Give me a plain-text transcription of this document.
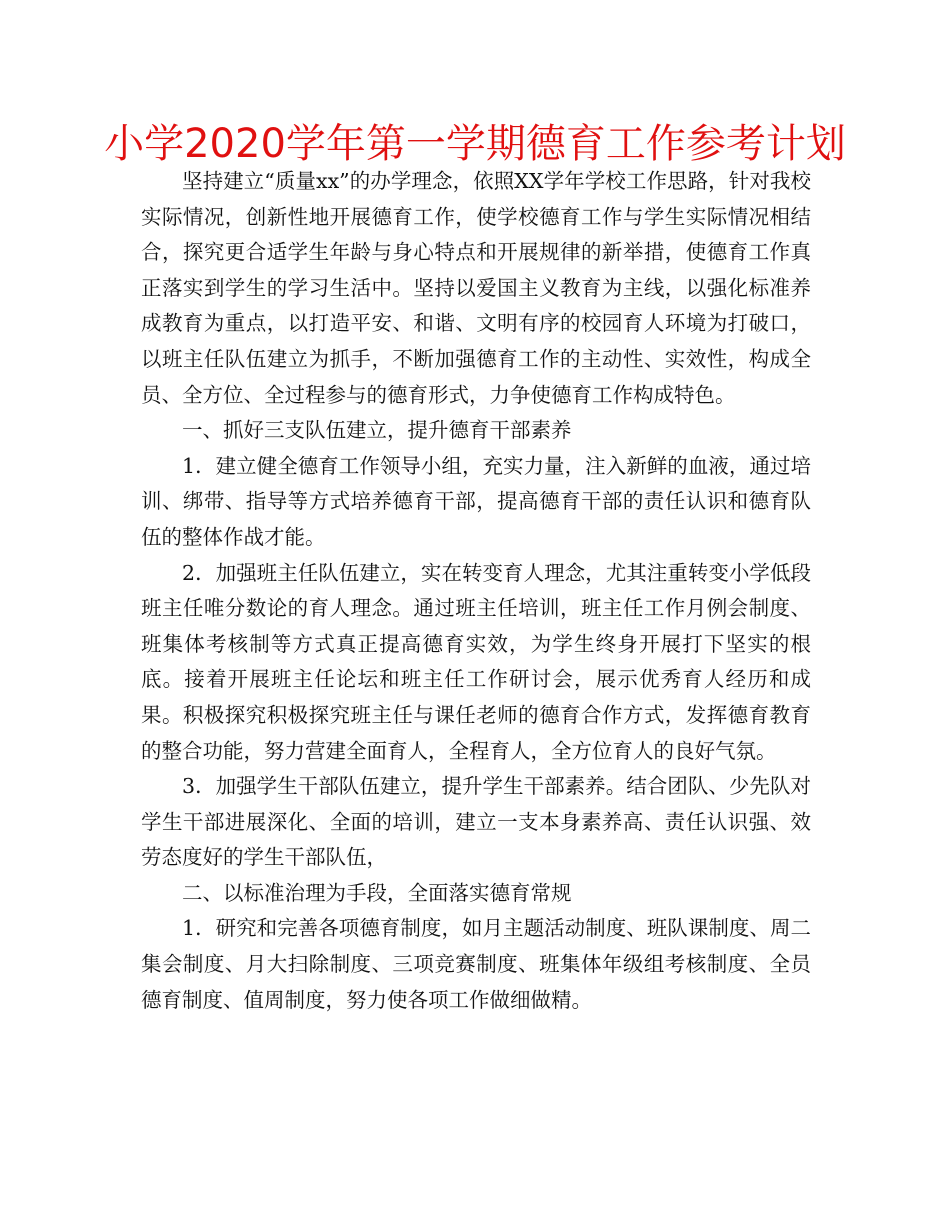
小学2020学年第一学期德育工作参考计划

坚持建立“质量xx”的办学理念，依照XX学年学校工作思路，针对我校实际情况，创新性地开展德育工作，使学校德育工作与学生实际情况相结合，探究更合适学生年龄与身心特点和开展规律的新举措，使德育工作真正落实到学生的学习生活中。坚持以爱国主义教育为主线，以强化标准养成教育为重点，以打造平安、和谐、文明有序的校园育人环境为打破口，以班主任队伍建立为抓手，不断加强德育工作的主动性、实效性，构成全员、全方位、全过程参与的德育形式，力争使德育工作构成特色。

一、抓好三支队伍建立，提升德育干部素养

1．建立健全德育工作领导小组，充实力量，注入新鲜的血液，通过培训、绑带、指导等方式培养德育干部，提高德育干部的责任认识和德育队伍的整体作战才能。

2．加强班主任队伍建立，实在转变育人理念，尤其注重转变小学低段班主任唯分数论的育人理念。通过班主任培训，班主任工作月例会制度、班集体考核制等方式真正提高德育实效，为学生终身开展打下坚实的根底。接着开展班主任论坛和班主任工作研讨会，展示优秀育人经历和成果。积极探究积极探究班主任与课任老师的德育合作方式，发挥德育教育的整合功能，努力营建全面育人，全程育人，全方位育人的良好气氛。

3．加强学生干部队伍建立，提升学生干部素养。结合团队、少先队对学生干部进展深化、全面的培训，建立一支本身素养高、责任认识强、效劳态度好的学生干部队伍，

二、以标准治理为手段，全面落实德育常规

1．研究和完善各项德育制度，如月主题活动制度、班队课制度、周二集会制度、月大扫除制度、三项竞赛制度、班集体年级组考核制度、全员德育制度、值周制度，努力使各项工作做细做精。
